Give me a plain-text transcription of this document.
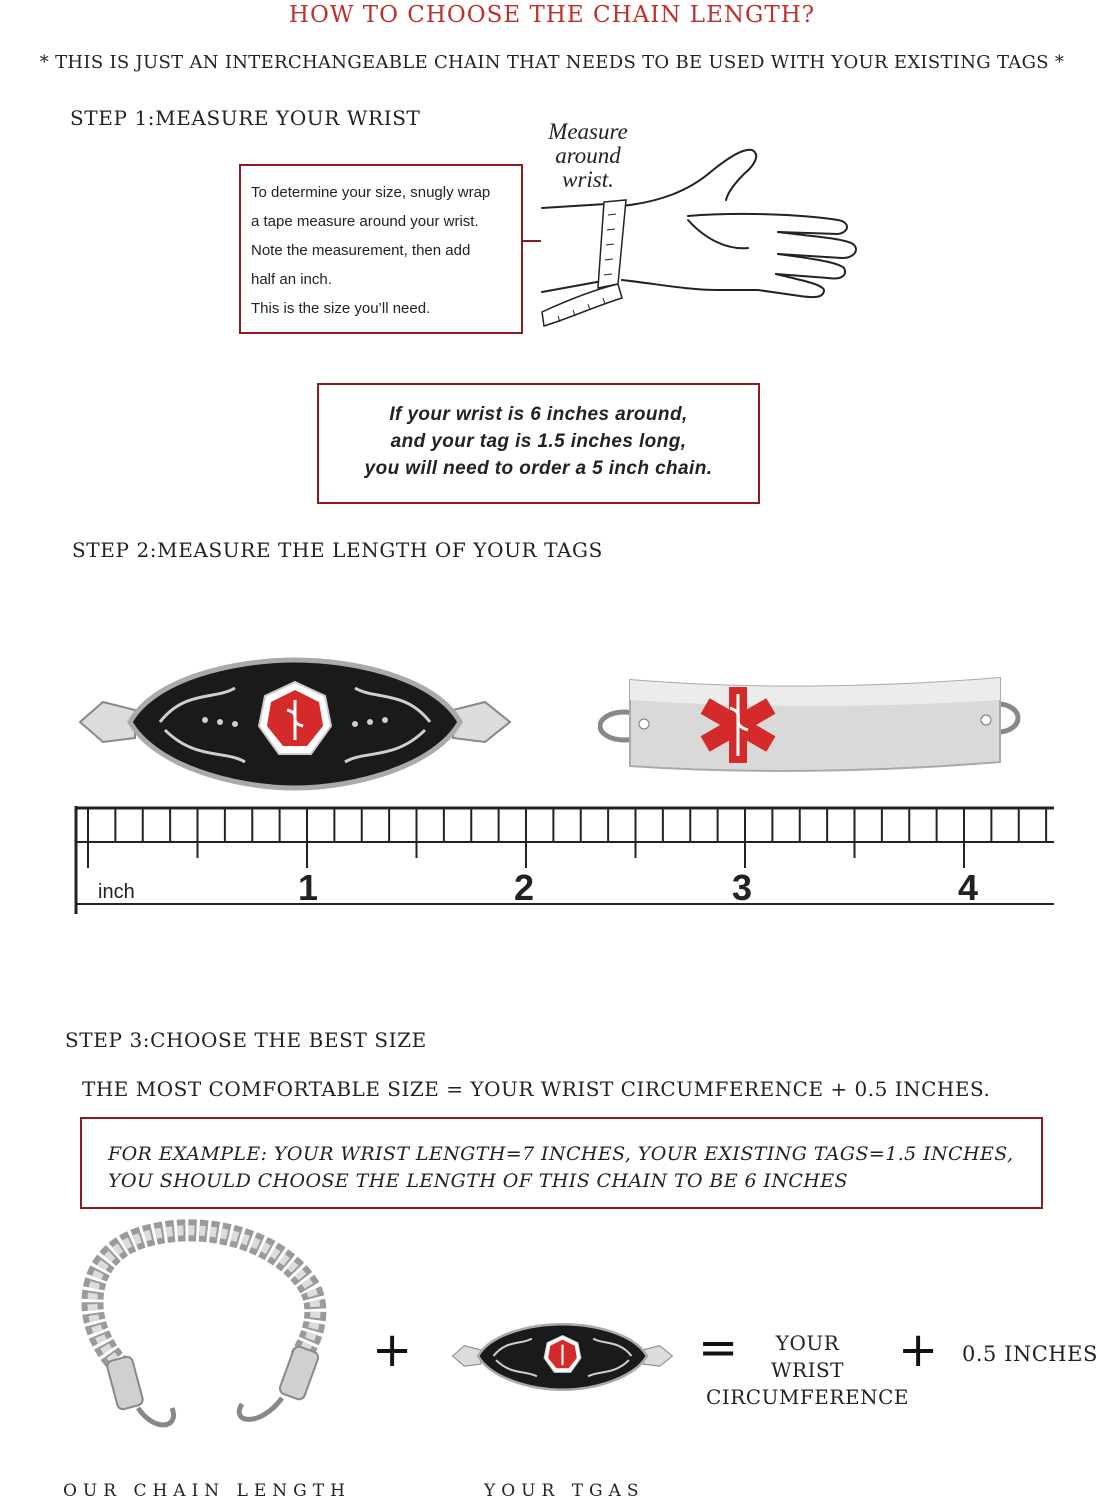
HOW TO CHOOSE THE CHAIN LENGTH?
* THIS IS JUST AN INTERCHANGEABLE CHAIN THAT NEEDS TO BE USED WITH YOUR EXISTING TAGS *
STEP 1:MEASURE YOUR WRIST
To determine your size, snugly wrap
a tape measure around your wrist.
Note the measurement, then add
half an inch.
This is the size you’ll need.
Measure
around
wrist.
If your wrist is 6 inches around,
and your tag is 1.5 inches long,
you will need to order a 5 inch chain.
STEP 2:MEASURE THE LENGTH OF YOUR TAGS
inch	1	2	3	4
STEP 3:CHOOSE THE BEST SIZE
THE MOST COMFORTABLE SIZE = YOUR WRIST CIRCUMFERENCE + 0.5 INCHES.
FOR EXAMPLE: YOUR WRIST LENGTH=7 INCHES, YOUR EXISTING TAGS=1.5 INCHES,
YOU SHOULD CHOOSE THE LENGTH OF THIS CHAIN TO BE 6 INCHES
+	=	YOUR
WRIST
CIRCUMFERENCE
+ 0.5 INCHES
OUR CHAIN LENGTH	YOUR TGAS
